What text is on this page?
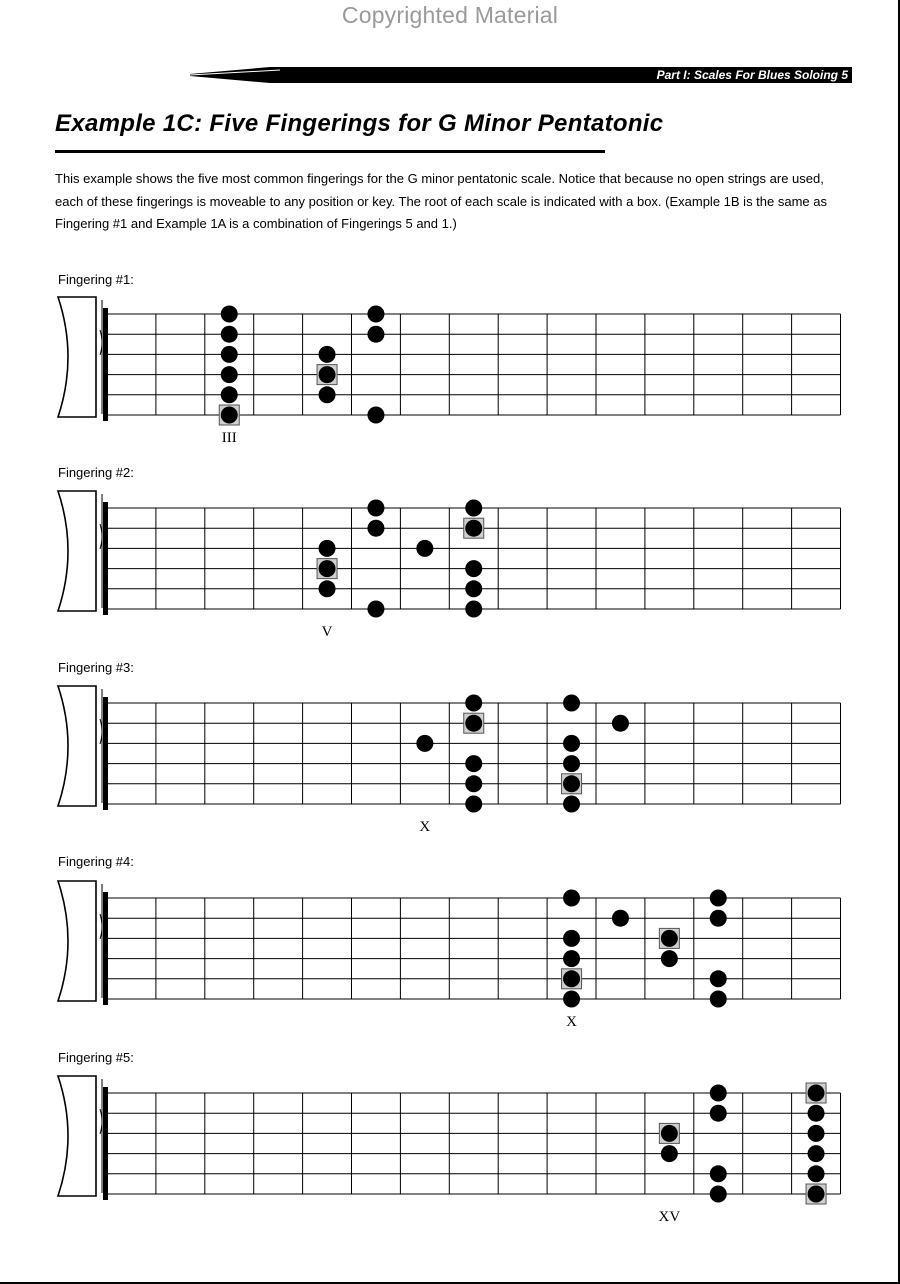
Copyrighted Material
Part I: Scales For Blues Soloing 5
Example 1C: Five Fingerings for G Minor Pentatonic

This example shows the five most common fingerings for the G minor pentatonic scale. Notice that because no open strings are used, each of these fingerings is moveable to any position or key. The root of each scale is indicated with a box. (Example 1B is the same as Fingering #1 and Example 1A is a combination of Fingerings 5 and 1.)

Fingering #1:
III
Fingering #2:
V
Fingering #3:
X
Fingering #4:
X
Fingering #5:
XV
